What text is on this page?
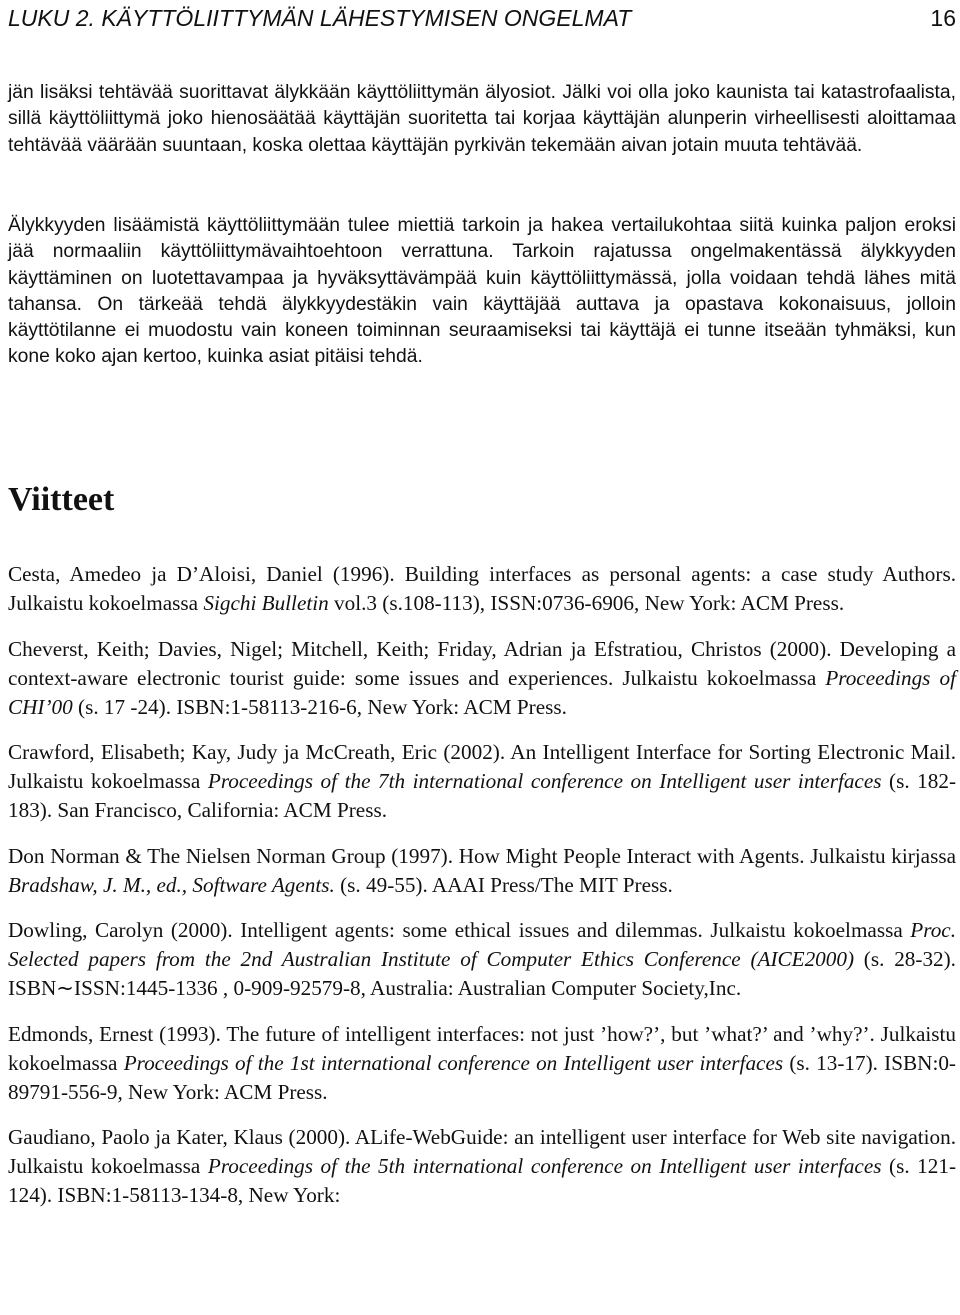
LUKU 2. KÄYTTÖLIITTYMÄN LÄHESTYMISEN ONGELMAT	16

jän lisäksi tehtävää suorittavat älykkään käyttöliittymän älyosiot. Jälki voi olla joko kaunista tai katastrofaalista, sillä käyttöliittymä joko hienosäätää käyttäjän suoritetta tai korjaa käyttäjän alunperin virheellisesti aloittamaa tehtävää väärään suuntaan, koska olettaa käyttäjän pyrkivän tekemään aivan jotain muuta tehtävää.

Älykkyyden lisäämistä käyttöliittymään tulee miettiä tarkoin ja hakea vertailukohtaa siitä kuinka paljon eroksi jää normaaliin käyttöliittymävaihtoehtoon verrattuna. Tarkoin rajatussa ongelmakentässä älykkyyden käyttäminen on luotettavampaa ja hyväksyttävämpää kuin käyttöliittymässä, jolla voidaan tehdä lähes mitä tahansa. On tärkeää tehdä älykkyydestäkin vain käyttäjää auttava ja opastava kokonaisuus, jolloin käyttötilanne ei muodostu vain koneen toiminnan seuraamiseksi tai käyttäjä ei tunne itseään tyhmäksi, kun kone koko ajan kertoo, kuinka asiat pitäisi tehdä.

Viitteet

Cesta, Amedeo ja D’Aloisi, Daniel (1996). Building interfaces as personal agents: a case study Authors. Julkaistu kokoelmassa Sigchi Bulletin vol.3 (s.108-113), ISSN:0736-6906, New York: ACM Press.

Cheverst, Keith; Davies, Nigel; Mitchell, Keith; Friday, Adrian ja Efstratiou, Christos (2000). Developing a context-aware electronic tourist guide: some issues and experiences. Julkaistu kokoelmassa Proceedings of CHI’00 (s. 17 -24). ISBN:1-58113-216-6, New York: ACM Press.

Crawford, Elisabeth; Kay, Judy ja McCreath, Eric (2002). An Intelligent Interface for Sorting Electronic Mail. Julkaistu kokoelmassa Proceedings of the 7th international conference on Intelligent user interfaces (s. 182-183). San Francisco, California: ACM Press.

Don Norman & The Nielsen Norman Group (1997). How Might People Interact with Agents. Julkaistu kirjassa Bradshaw, J. M., ed., Software Agents. (s. 49-55). AAAI Press/The MIT Press.

Dowling, Carolyn (2000). Intelligent agents: some ethical issues and dilemmas. Julkaistu kokoelmassa Proc. Selected papers from the 2nd Australian Institute of Computer Ethics Conference (AICE2000) (s. 28-32). ISBN∼ISSN:1445-1336 , 0-909-92579-8, Australia: Australian Computer Society,Inc.

Edmonds, Ernest (1993). The future of intelligent interfaces: not just ’how?’, but ’what?’ and ’why?’. Julkaistu kokoelmassa Proceedings of the 1st international conference on Intelligent user interfaces (s. 13-17). ISBN:0-89791-556-9, New York: ACM Press.

Gaudiano, Paolo ja Kater, Klaus (2000). ALife-WebGuide: an intelligent user interface for Web site navigation. Julkaistu kokoelmassa Proceedings of the 5th international conference on Intelligent user interfaces (s. 121-124). ISBN:1-58113-134-8, New York:
